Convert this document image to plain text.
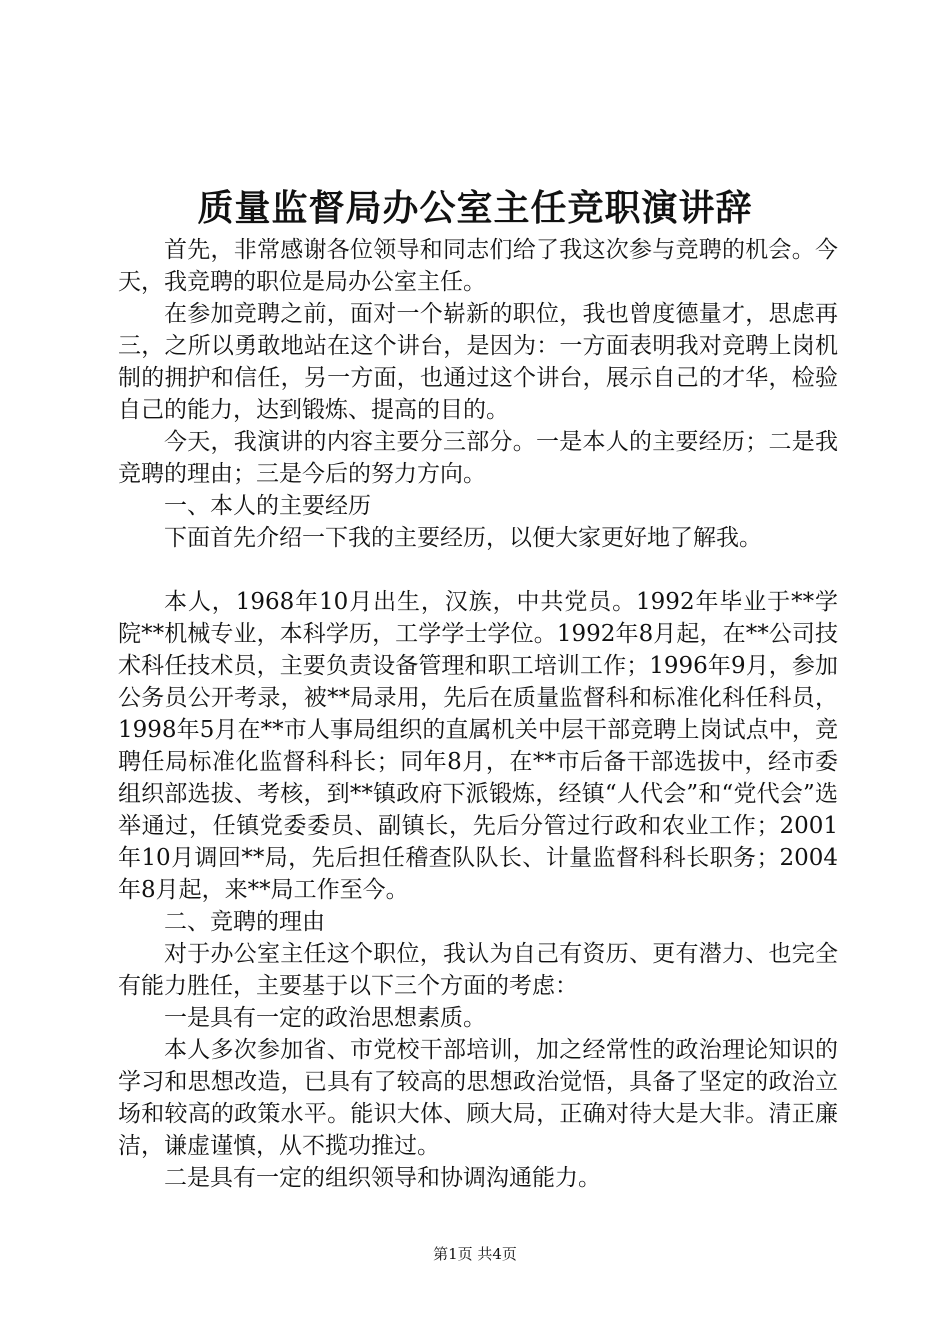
质量监督局办公室主任竞职演讲辞

首先，非常感谢各位领导和同志们给了我这次参与竞聘的机会。今天，我竞聘的职位是局办公室主任。

在参加竞聘之前，面对一个崭新的职位，我也曾度德量才，思虑再三，之所以勇敢地站在这个讲台，是因为：一方面表明我对竞聘上岗机制的拥护和信任，另一方面，也通过这个讲台，展示自己的才华，检验自己的能力，达到锻炼、提高的目的。

今天，我演讲的内容主要分三部分。一是本人的主要经历；二是我竞聘的理由；三是今后的努力方向。

一、本人的主要经历

下面首先介绍一下我的主要经历，以便大家更好地了解我。

本人，1968年10月出生，汉族，中共党员。1992年毕业于**学院**机械专业，本科学历，工学学士学位。1992年8月起，在**公司技术科任技术员，主要负责设备管理和职工培训工作；1996年9月，参加公务员公开考录，被**局录用，先后在质量监督科和标准化科任科员，1998年5月在**市人事局组织的直属机关中层干部竞聘上岗试点中，竞聘任局标准化监督科科长；同年8月，在**市后备干部选拔中，经市委组织部选拔、考核，到**镇政府下派锻炼，经镇“人代会”和“党代会”选举通过，任镇党委委员、副镇长，先后分管过行政和农业工作；2001年10月调回**局，先后担任稽查队队长、计量监督科科长职务；2004年8月起，来**局工作至今。

二、竞聘的理由

对于办公室主任这个职位，我认为自己有资历、更有潜力、也完全有能力胜任，主要基于以下三个方面的考虑：

一是具有一定的政治思想素质。

本人多次参加省、市党校干部培训，加之经常性的政治理论知识的学习和思想改造，已具有了较高的思想政治觉悟，具备了坚定的政治立场和较高的政策水平。能识大体、顾大局，正确对待大是大非。清正廉洁，谦虚谨慎，从不揽功推过。

二是具有一定的组织领导和协调沟通能力。

第1页 共4页
